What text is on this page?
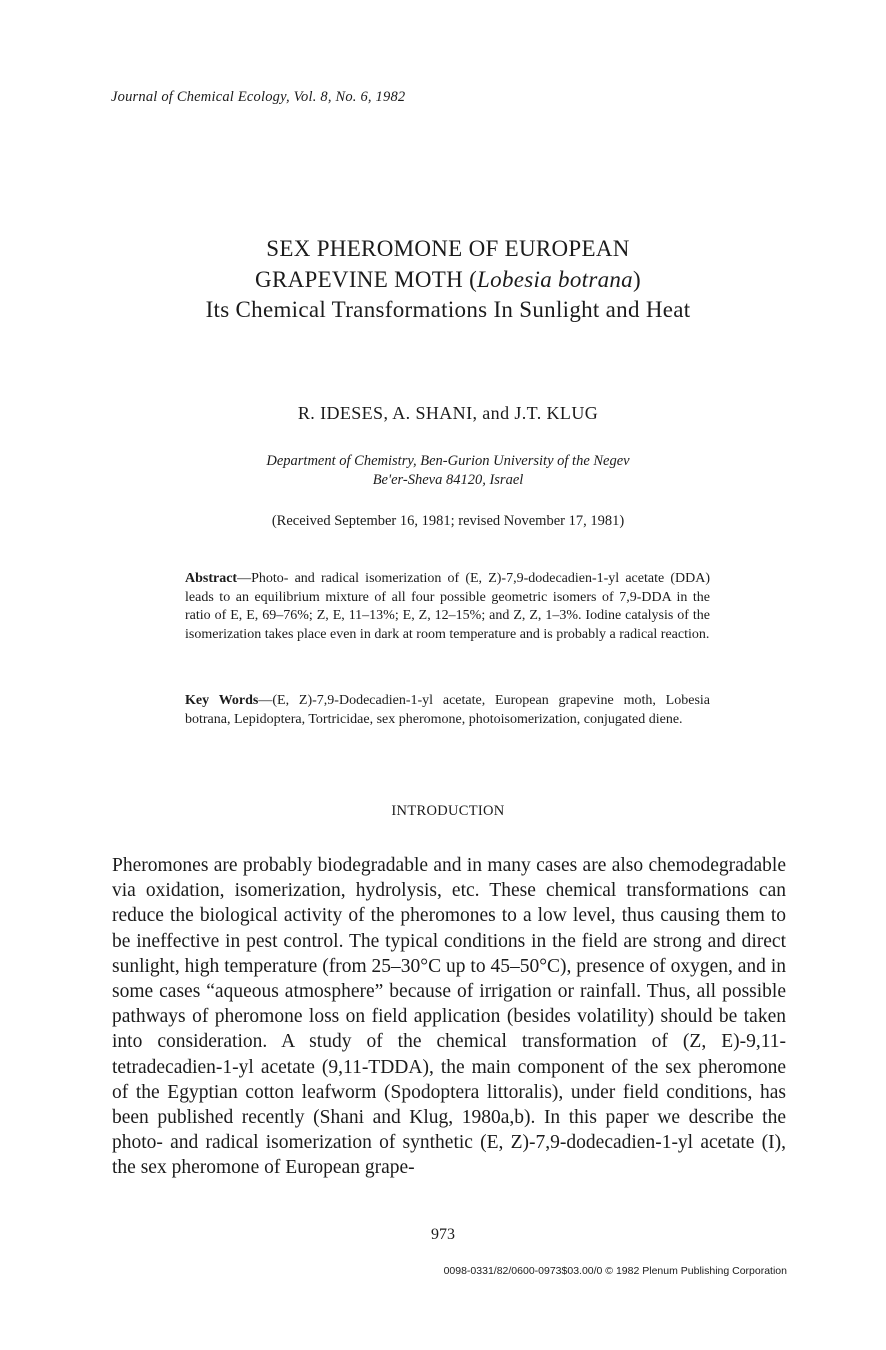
Journal of Chemical Ecology, Vol. 8, No. 6, 1982

SEX PHEROMONE OF EUROPEAN

GRAPEVINE MOTH (Lobesia botrana)

Its Chemical Transformations In Sunlight and Heat

R. IDESES, A. SHANI, and J.T. KLUG
Department of Chemistry, Ben-Gurion University of the Negev
Be'er-Sheva 84120, Israel
(Received September 16, 1981; revised November 17, 1981)

Abstract—Photo- and radical isomerization of (E, Z)-7,9-dodecadien-1-yl acetate (DDA) leads to an equilibrium mixture of all four possible geometric isomers of 7,9-DDA in the ratio of E, E, 69–76%; Z, E, 11–13%; E, Z, 12–15%; and Z, Z, 1–3%. Iodine catalysis of the isomerization takes place even in dark at room temperature and is probably a radical reaction.

Key Words—(E, Z)-7,9-Dodecadien-1-yl acetate, European grapevine moth, Lobesia botrana, Lepidoptera, Tortricidae, sex pheromone, photoisomerization, conjugated diene.

INTRODUCTION

Pheromones are probably biodegradable and in many cases are also chemodegradable via oxidation, isomerization, hydrolysis, etc. These chemical transformations can reduce the biological activity of the pheromones to a low level, thus causing them to be ineffective in pest control. The typical conditions in the field are strong and direct sunlight, high temperature (from 25–30°C up to 45–50°C), presence of oxygen, and in some cases “aqueous atmosphere” because of irrigation or rainfall. Thus, all possible pathways of pheromone loss on field application (besides volatility) should be taken into consideration. A study of the chemical transformation of (Z, E)-9,11-tetradecadien-1-yl acetate (9,11-TDDA), the main component of the sex pheromone of the Egyptian cotton leafworm (Spodoptera littoralis), under field conditions, has been published recently (Shani and Klug, 1980a,b). In this paper we describe the photo- and radical isomerization of synthetic (E, Z)-7,9-dodecadien-1-yl acetate (I), the sex pheromone of European grape-

973
0098-0331/82/0600-0973$03.00/0 © 1982 Plenum Publishing Corporation
